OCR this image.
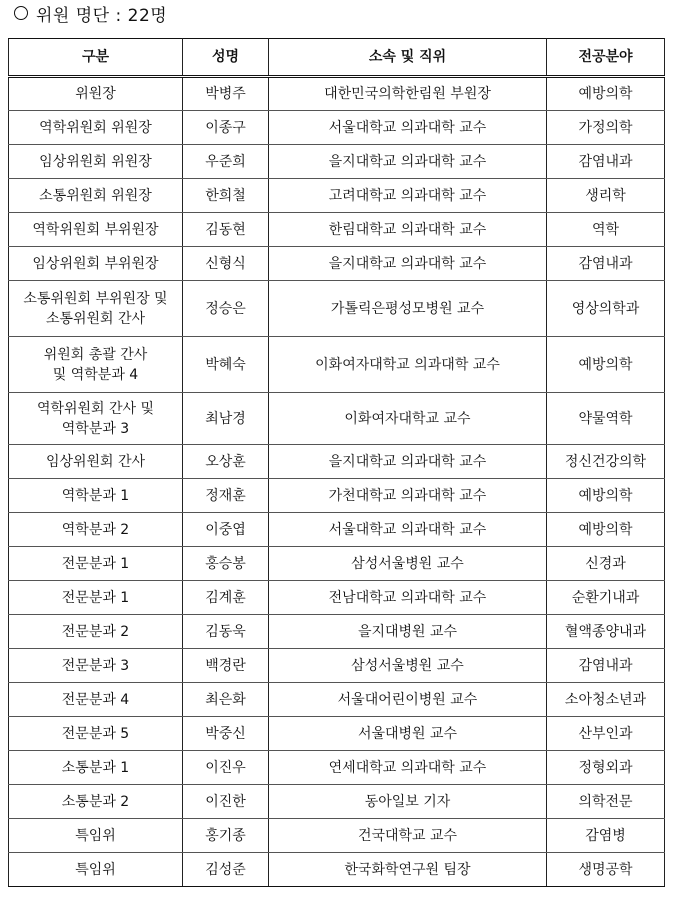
위원 명단 : 22명
구분	성명	소속 및 직위	전공분야
위원장	박병주	대한민국의학한림원 부원장	예방의학
역학위원회 위원장	이종구	서울대학교 의과대학 교수	가정의학
임상위원회 위원장	우준희	을지대학교 의과대학 교수	감염내과
소통위원회 위원장	한희철	고려대학교 의과대학 교수	생리학
역학위원회 부위원장	김동현	한림대학교 의과대학 교수	역학
임상위원회 부위원장	신형식	을지대학교 의과대학 교수	감염내과
소통위원회 부위원장 및
소통위원회 간사	정승은	가톨릭은평성모병원 교수	영상의학과
위원회 총괄 간사
및 역학분과 4	박혜숙	이화여자대학교 의과대학 교수	예방의학
역학위원회 간사 및
역학분과 3	최남경	이화여자대학교 교수	약물역학
임상위원회 간사	오상훈	을지대학교 의과대학 교수	정신건강의학
역학분과 1	정재훈	가천대학교 의과대학 교수	예방의학
역학분과 2	이중엽	서울대학교 의과대학 교수	예방의학
전문분과 1	홍승봉	삼성서울병원 교수	신경과
전문분과 1	김계훈	전남대학교 의과대학 교수	순환기내과
전문분과 2	김동욱	을지대병원 교수	혈액종양내과
전문분과 3	백경란	삼성서울병원 교수	감염내과
전문분과 4	최은화	서울대어린이병원 교수	소아청소년과
전문분과 5	박중신	서울대병원 교수	산부인과
소통분과 1	이진우	연세대학교 의과대학 교수	정형외과
소통분과 2	이진한	동아일보 기자	의학전문
특임위	홍기종	건국대학교 교수	감염병
특임위	김성준	한국화학연구원 팀장	생명공학
